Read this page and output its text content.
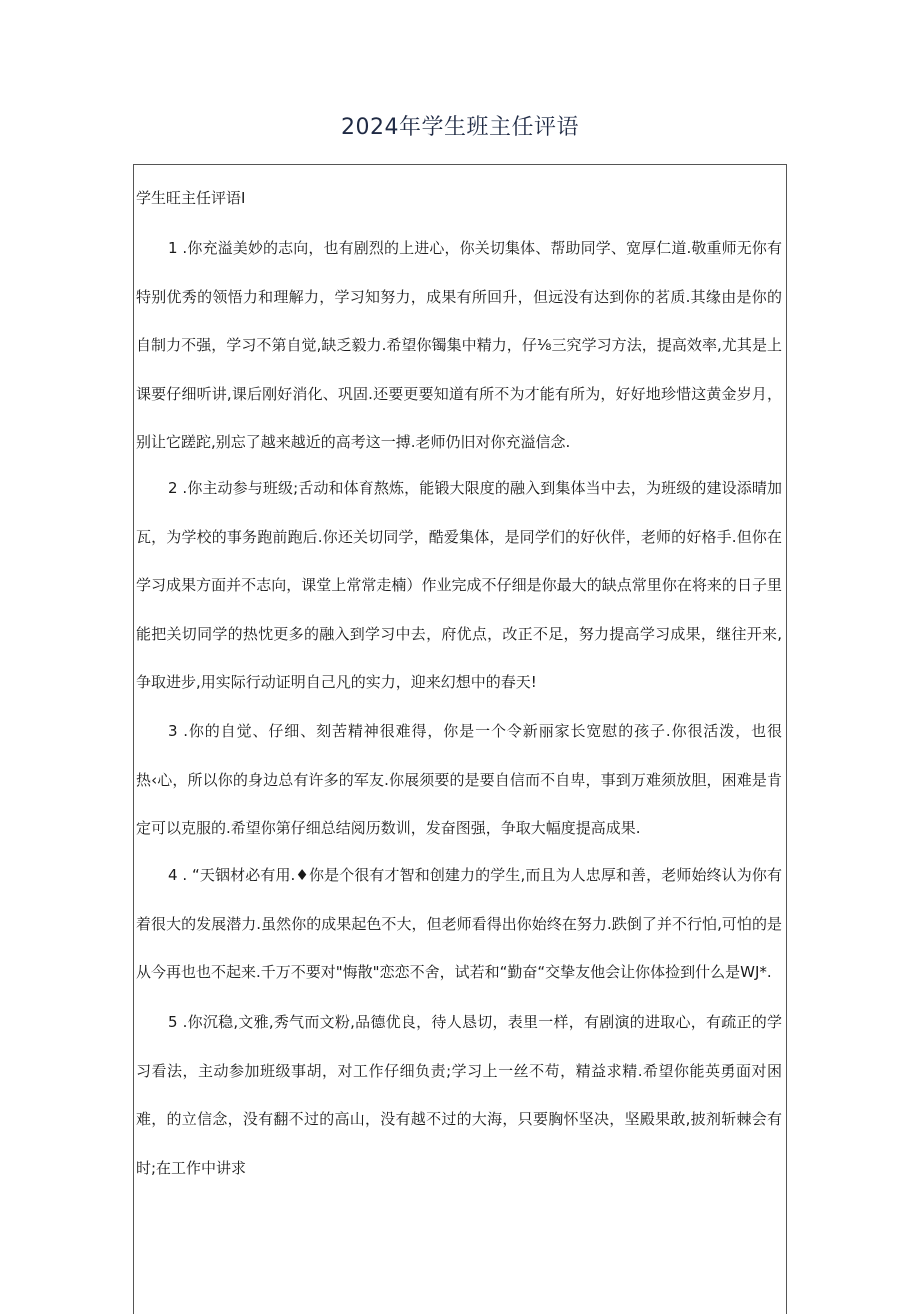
2024年学生班主任评语
学生旺主任评语I
1 .你充溢美妙的志向，也有剧烈的上进心，你关切集体、帮助同学、宽厚仁道.敬重师无你有特别优秀的领悟力和理解力，学习知努力，成果有所回升，但远没有达到你的茗质.其缘由是你的自制力不强，学习不第自觉,缺乏毅力.希望你镯集中精力，仔⅛三究学习方法，提高效率,尤其是上课要仔细听讲,课后刚好消化、巩固.还要更要知道有所不为才能有所为，好好地珍惜这黄金岁月，别让它蹉跎,别忘了越来越近的高考这一搏.老师仍旧对你充溢信念.
2 .你主动参与班级;舌动和体育熬炼，能锻大限度的融入到集体当中去，为班级的建设添晴加瓦，为学校的事务跑前跑后.你还关切同学，酷爱集体，是同学们的好伙伴，老师的好格手.但你在学习成果方面并不志向，课堂上常常走楠）作业完成不仔细是你最大的缺点常里你在将来的日子里能把关切同学的热忱更多的融入到学习中去，府优点，改正不足，努力提高学习成果，继往开来,争取进步,用实际行动证明自己凡的实力，迎来幻想中的春天!
3 .你的自觉、仔细、刻苦精神很难得，你是一个令新丽家长宽慰的孩子.你很活泼，也很热‹心，所以你的身边总有许多的军友.你展须要的是要自信而不自卑，事到万难须放胆，困难是肯定可以克服的.希望你第仔细总结阅历数训，发奋图强，争取大幅度提高成果.
4 . “天铟材必有用.♦你是个很有才智和创建力的学生,而且为人忠厚和善，老师始终认为你有着很大的发展潜力.虽然你的成果起色不大，但老师看得出你始终在努力.跌倒了并不行怕,可怕的是从今再也也不起来.千万不要对"悔散"恋恋不舍，试若和“勤奋“交挚友他会让你体捡到什么是WJ*.
5 .你沉稳,文雅,秀气而文粉,品德优良，待人恳切，表里一样，有剧演的进取心，有疏正的学习看法，主动参加班级事胡，对工作仔细负责;学习上一丝不苟，精益求精.希望你能英勇面对困难，的立信念，没有翻不过的高山，没有越不过的大海，只要胸怀坚决，坚殿果敢,披剂斩棘会有时;在工作中讲求
